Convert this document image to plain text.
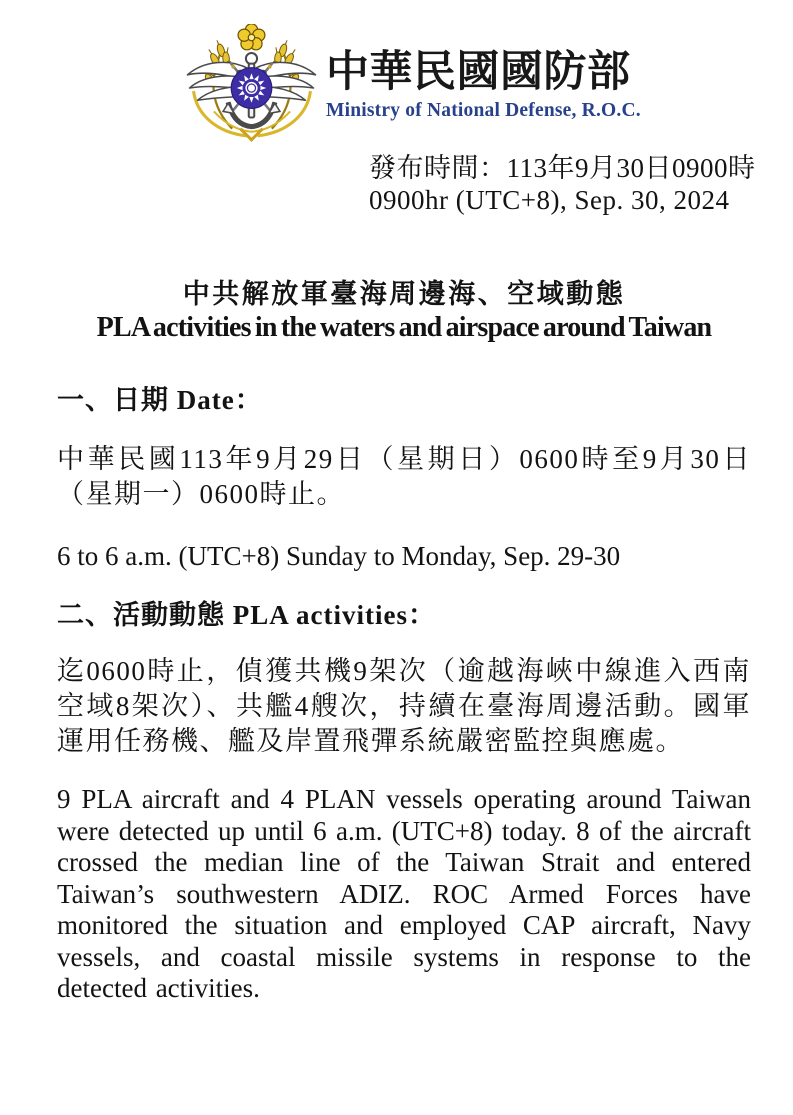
中華民國國防部
Ministry of National Defense, R.O.C.
發布時間：113年9月30日0900時
0900hr (UTC+8), Sep. 30, 2024
中共解放軍臺海周邊海、空域動態
PLA activities in the waters and airspace around Taiwan
一、日期 Date：
中華民國113年9月29日（星期日）0600時至9月30日（星期一）0600時止。
6 to 6 a.m. (UTC+8) Sunday to Monday, Sep. 29-30
二、活動動態 PLA activities：
迄0600時止，偵獲共機9架次（逾越海峽中線進入西南空域8架次）、共艦4艘次，持續在臺海周邊活動。國軍運用任務機、艦及岸置飛彈系統嚴密監控與應處。
9 PLA aircraft and 4 PLAN vessels operating around Taiwan were detected up until 6 a.m. (UTC+8) today. 8 of the aircraft crossed the median line of the Taiwan Strait and entered Taiwan’s southwestern ADIZ. ROC Armed Forces have monitored the situation and employed CAP aircraft, Navy vessels, and coastal missile systems in response to the detected activities.
